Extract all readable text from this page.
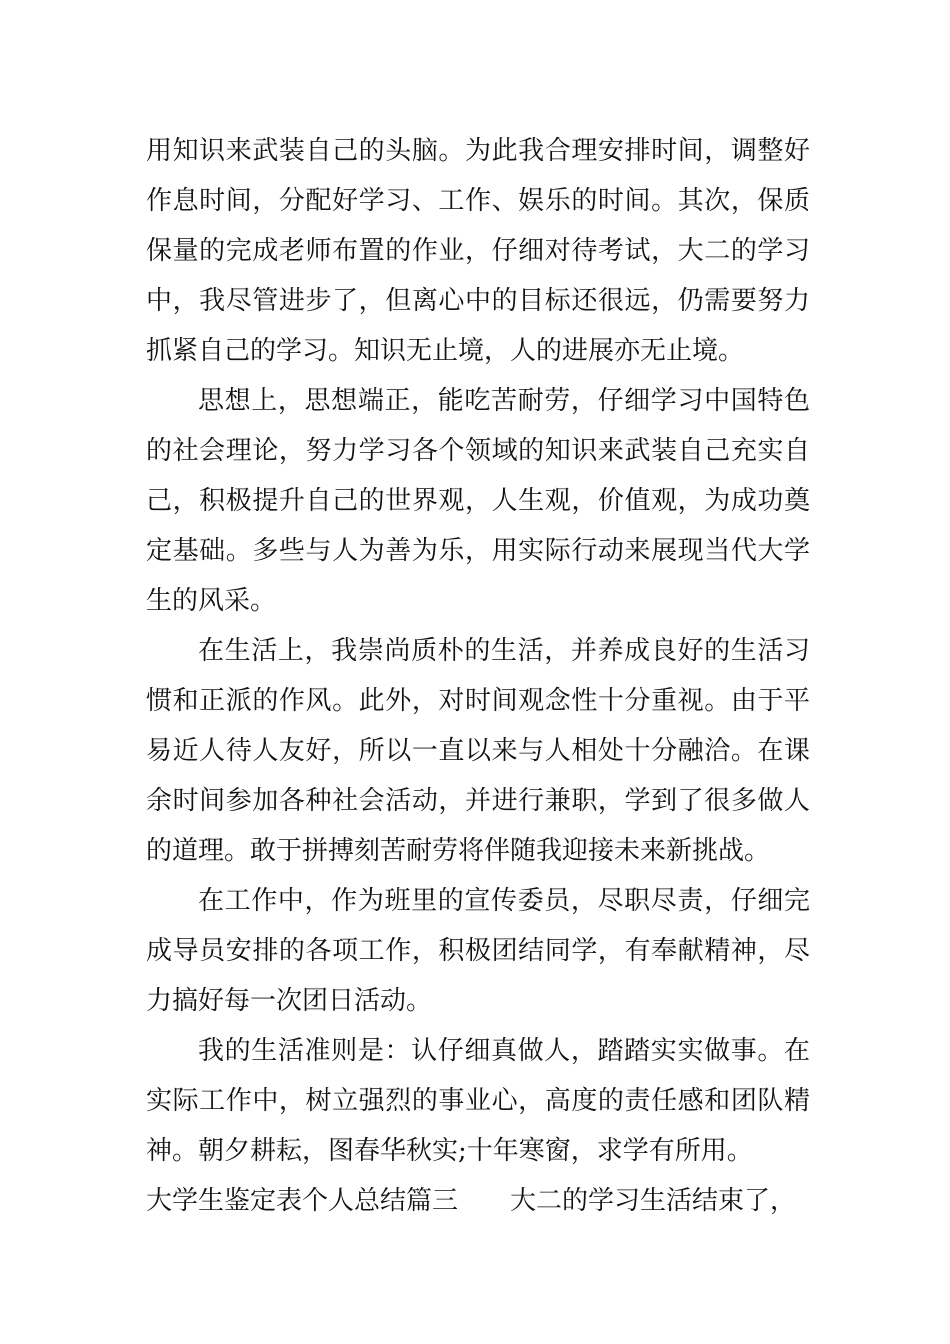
用知识来武装自己的头脑。为此我合理安排时间，调整好
作息时间，分配好学习、工作、娱乐的时间。其次，保质
保量的完成老师布置的作业，仔细对待考试，大二的学习
中，我尽管进步了，但离心中的目标还很远，仍需要努力
抓紧自己的学习。知识无止境，人的进展亦无止境。
思想上，思想端正，能吃苦耐劳，仔细学习中国特色
的社会理论，努力学习各个领域的知识来武装自己充实自
己，积极提升自己的世界观，人生观，价值观，为成功奠
定基础。多些与人为善为乐，用实际行动来展现当代大学
生的风采。
在生活上，我崇尚质朴的生活，并养成良好的生活习
惯和正派的作风。此外，对时间观念性十分重视。由于平
易近人待人友好，所以一直以来与人相处十分融洽。在课
余时间参加各种社会活动，并进行兼职，学到了很多做人
的道理。敢于拼搏刻苦耐劳将伴随我迎接未来新挑战。
在工作中，作为班里的宣传委员，尽职尽责，仔细完
成导员安排的各项工作，积极团结同学，有奉献精神，尽
力搞好每一次团日活动。
我的生活准则是：认仔细真做人，踏踏实实做事。在
实际工作中，树立强烈的事业心，高度的责任感和团队精
神。朝夕耕耘，图春华秋实;十年寒窗，求学有所用。
大学生鉴定表个人总结篇三 大二的学习生活结束了，
